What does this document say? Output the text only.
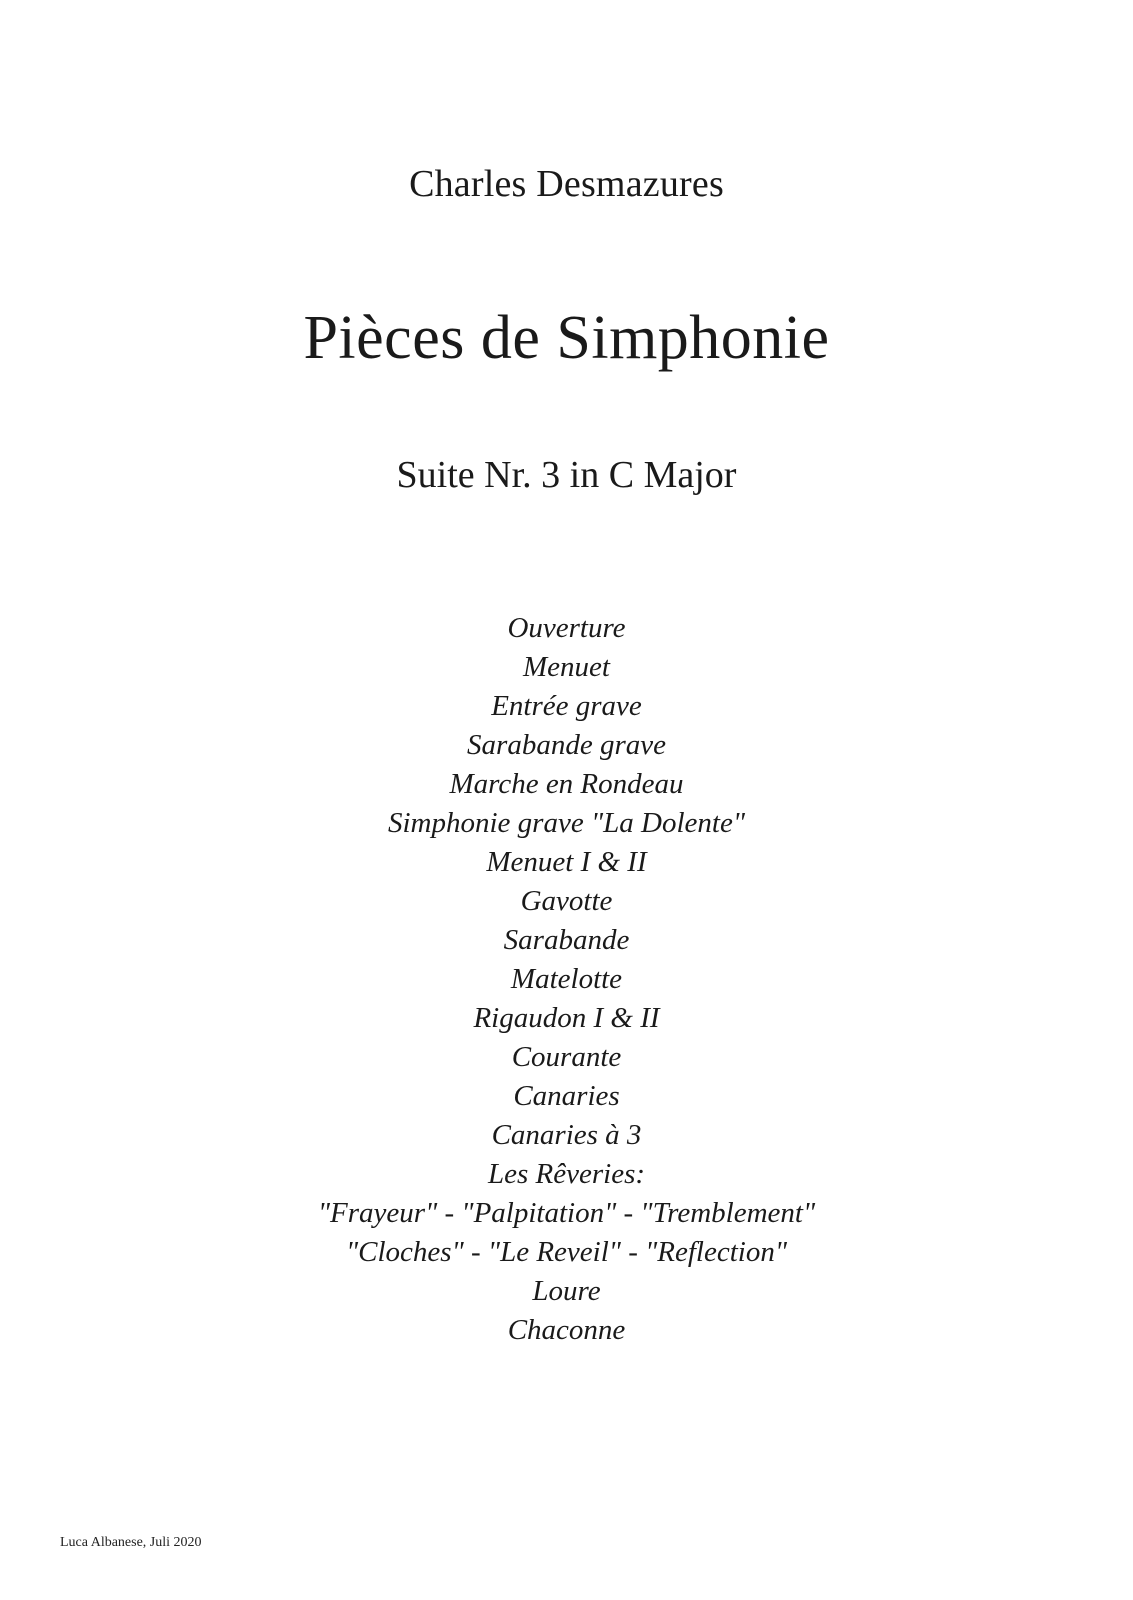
Charles Desmazures
Pièces de Simphonie
Suite Nr. 3 in C Major
Ouverture
Menuet
Entrée grave
Sarabande grave
Marche en Rondeau
Simphonie grave "La Dolente"
Menuet I & II
Gavotte
Sarabande
Matelotte
Rigaudon I & II
Courante
Canaries
Canaries à 3
Les Rêveries:
"Frayeur" - "Palpitation" - "Tremblement"
"Cloches" - "Le Reveil" - "Reflection"
Loure
Chaconne
Luca Albanese, Juli 2020
